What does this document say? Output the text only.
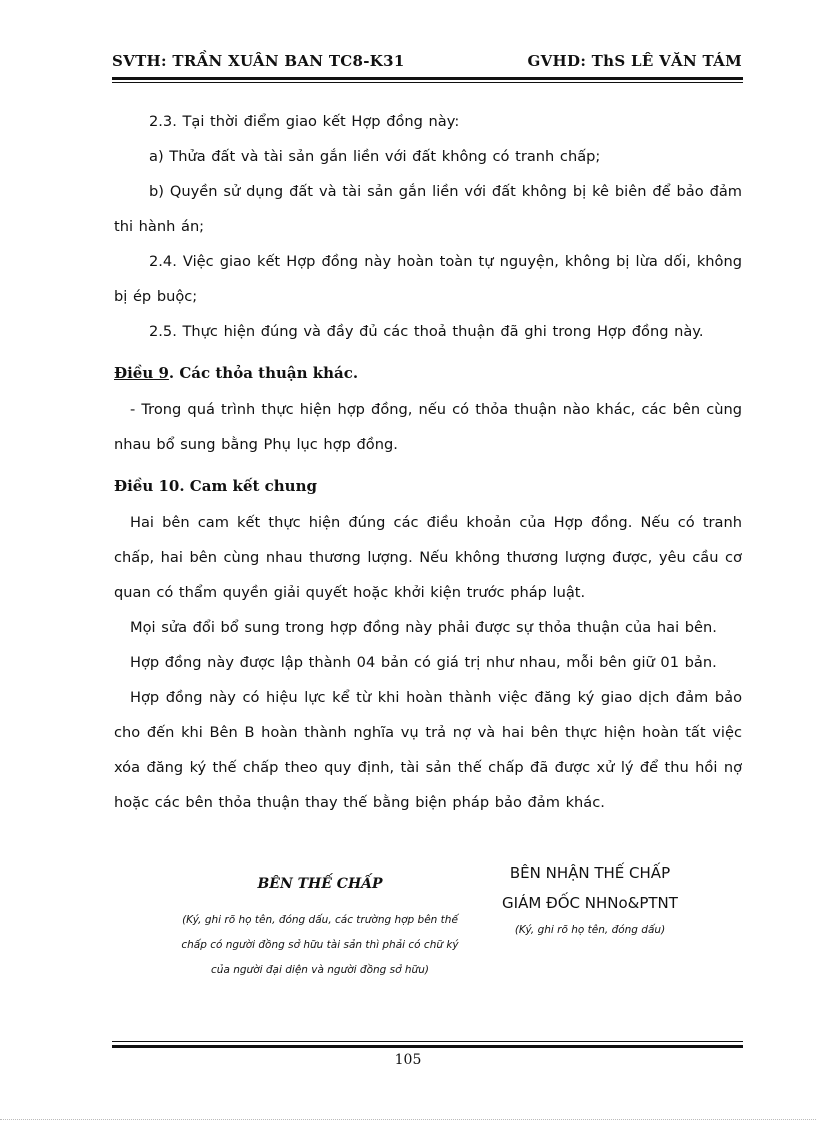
SVTH: TRẦN XUÂN BAN TC8-K31	GVHD: ThS LÊ VĂN TÁM

2.3. Tại thời điểm giao kết Hợp đồng này:

a) Thửa đất và tài sản gắn liền với đất không có tranh chấp;

b) Quyền sử dụng đất và tài sản gắn liền với đất không bị kê biên để bảo đảm thi hành án;

2.4. Việc giao kết Hợp đồng này hoàn toàn tự nguyện, không bị lừa dối, không bị ép buộc;

2.5. Thực hiện đúng và đầy đủ các thoả thuận đã ghi trong Hợp đồng này.

Điều 9. Các thỏa thuận khác.

- Trong quá trình thực hiện hợp đồng, nếu có thỏa thuận nào khác, các bên cùng nhau bổ sung bằng Phụ lục hợp đồng.

Điều 10. Cam kết chung

Hai bên cam kết thực hiện đúng các điều khoản của Hợp đồng. Nếu có tranh chấp, hai bên cùng nhau thương lượng. Nếu không thương lượng được, yêu cầu cơ quan có thẩm quyền giải quyết hoặc khởi kiện trước pháp luật.

Mọi sửa đổi bổ sung trong hợp đồng này phải được sự thỏa thuận của hai bên.

Hợp đồng này được lập thành 04 bản có giá trị như nhau, mỗi bên giữ 01 bản.

Hợp đồng này có hiệu lực kể từ khi hoàn thành việc đăng ký giao dịch đảm bảo cho đến khi Bên B hoàn thành nghĩa vụ trả nợ và hai bên thực hiện hoàn tất việc xóa đăng ký thế chấp theo quy định, tài sản thế chấp đã được xử lý để thu hồi nợ hoặc các bên thỏa thuận thay thế bằng biện pháp bảo đảm khác.

BÊN THẾ CHẤP
(Ký, ghi rõ họ tên, đóng dấu, các trường hợp bên thế chấp có người đồng sở hữu tài sản thì phải có chữ ký của người đại diện và người đồng sở hữu)
BÊN NHẬN THẾ CHẤP
GIÁM ĐỐC NHNo&PTNT
(Ký, ghi rõ họ tên, đóng dấu)
105
